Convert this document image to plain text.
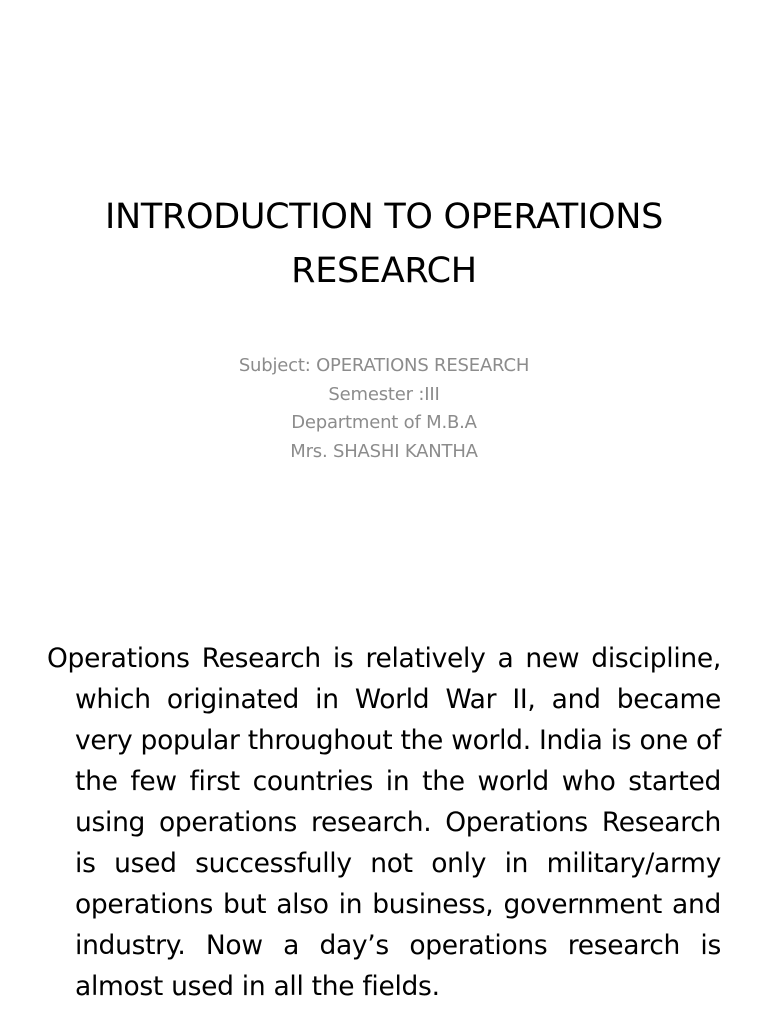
INTRODUCTION TO OPERATIONS RESEARCH
Subject: OPERATIONS RESEARCH
Semester :III
Department of M.B.A
Mrs. SHASHI KANTHA

Operations Research is relatively a new discipline, which originated in World War II, and became very popular throughout the world. India is one of the few first countries in the world who started using operations research. Operations Research is used successfully not only in military/army operations but also in business, government and industry. Now a day’s operations research is almost used in all the fields.
